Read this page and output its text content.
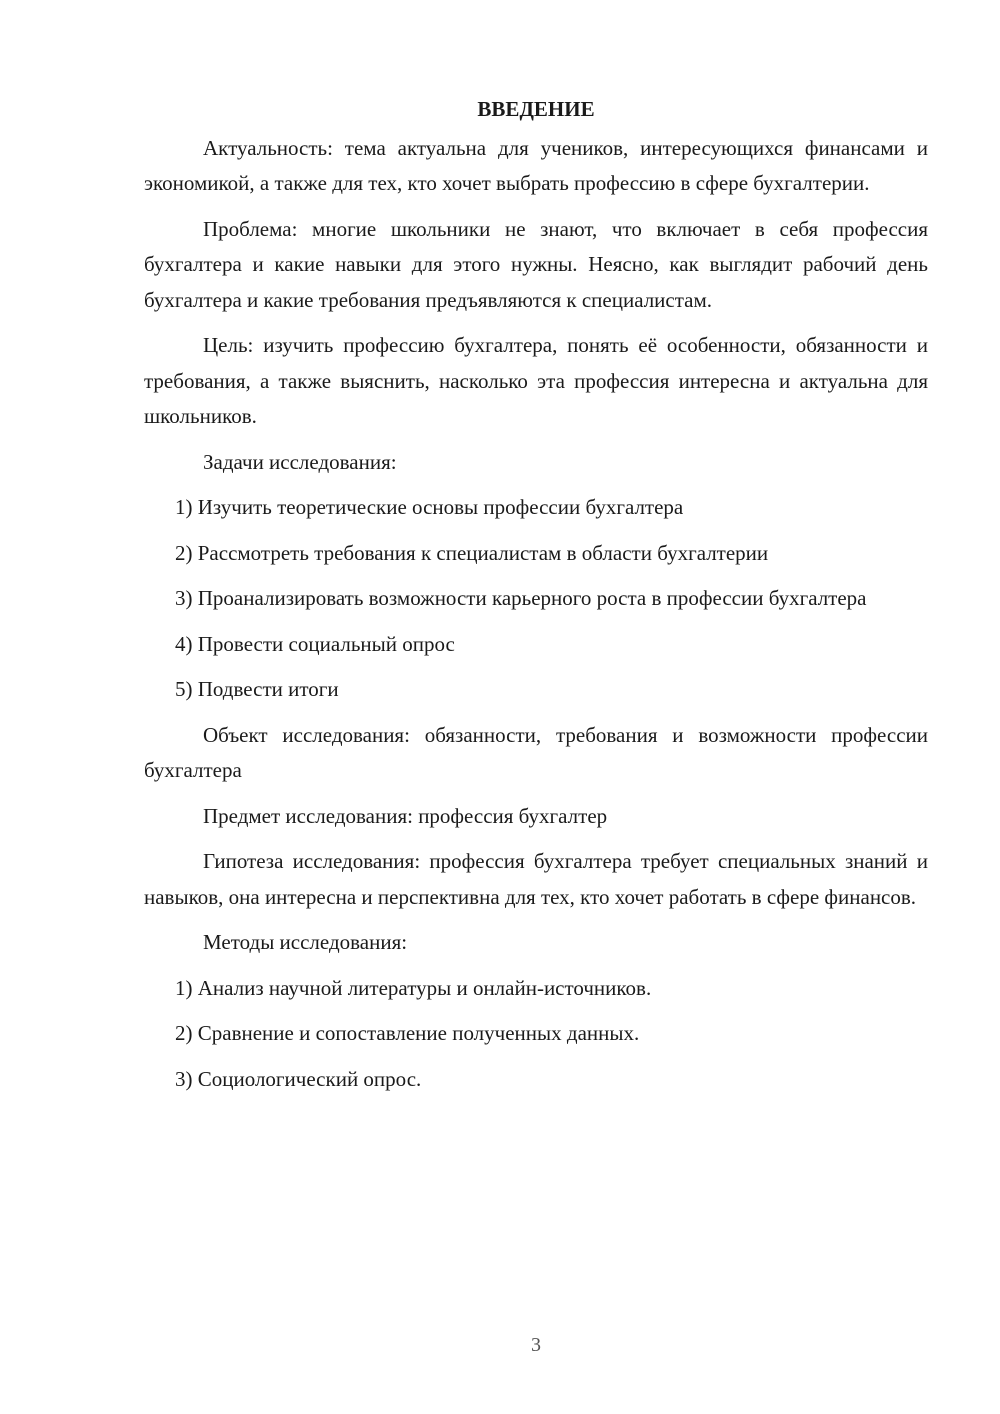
ВВЕДЕНИЕ

Актуальность: тема актуальна для учеников, интересующихся финансами и экономикой, а также для тех, кто хочет выбрать профессию в сфере бухгалтерии.

Проблема: многие школьники не знают, что включает в себя профессия бухгалтера и какие навыки для этого нужны. Неясно, как выглядит рабочий день бухгалтера и какие требования предъявляются к специалистам.

Цель: изучить профессию бухгалтера, понять её особенности, обязанности и требования, а также выяснить, насколько эта профессия интересна и актуальна для школьников.

Задачи исследования:

1) Изучить теоретические основы профессии бухгалтера

2) Рассмотреть требования к специалистам в области бухгалтерии

3) Проанализировать возможности карьерного роста в профессии бухгалтера

4) Провести социальный опрос

5) Подвести итоги

Объект исследования: обязанности, требования и возможности профессии бухгалтера

Предмет исследования: профессия бухгалтер

Гипотеза исследования: профессия бухгалтера требует специальных знаний и навыков, она интересна и перспективна для тех, кто хочет работать в сфере финансов.

Методы исследования:

1) Анализ научной литературы и онлайн-источников.

2) Сравнение и сопоставление полученных данных.

3) Социологический опрос.

3
